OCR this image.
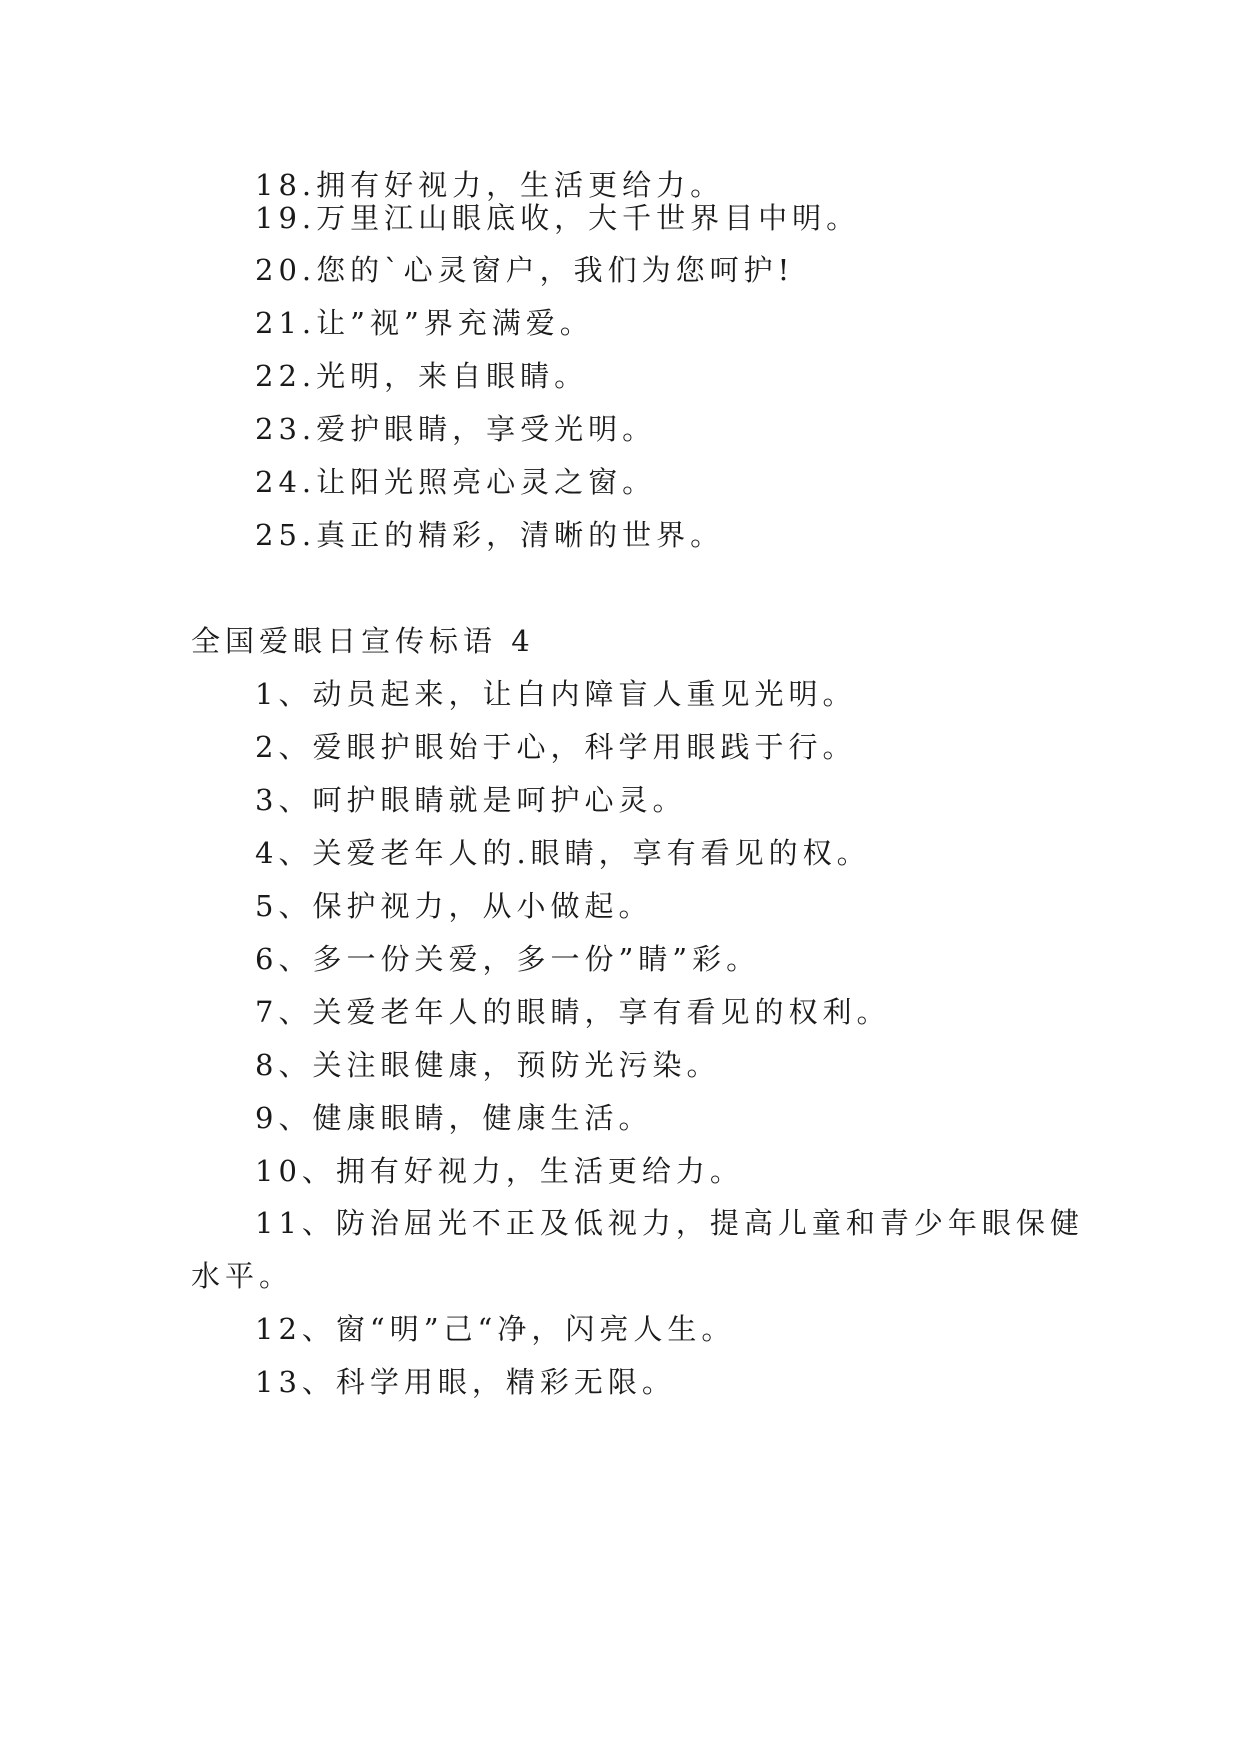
18.拥有好视力，生活更给力。
19.万里江山眼底收，大千世界目中明。
20.您的`心灵窗户，我们为您呵护!
21.让”视”界充满爱。
22.光明，来自眼睛。
23.爱护眼睛，享受光明。
24.让阳光照亮心灵之窗。
25.真正的精彩，清晰的世界。
全国爱眼日宣传标语 4
1、动员起来，让白内障盲人重见光明。
2、爱眼护眼始于心，科学用眼践于行。
3、呵护眼睛就是呵护心灵。
4、关爱老年人的.眼睛，享有看见的权。
5、保护视力，从小做起。
6、多一份关爱，多一份”睛”彩。
7、关爱老年人的眼睛，享有看见的权利。
8、关注眼健康，预防光污染。
9、健康眼睛，健康生活。
10、拥有好视力，生活更给力。
11、防治屈光不正及低视力，提高儿童和青少年眼保健
水平。
12、窗“明”己“净，闪亮人生。
13、科学用眼，精彩无限。
